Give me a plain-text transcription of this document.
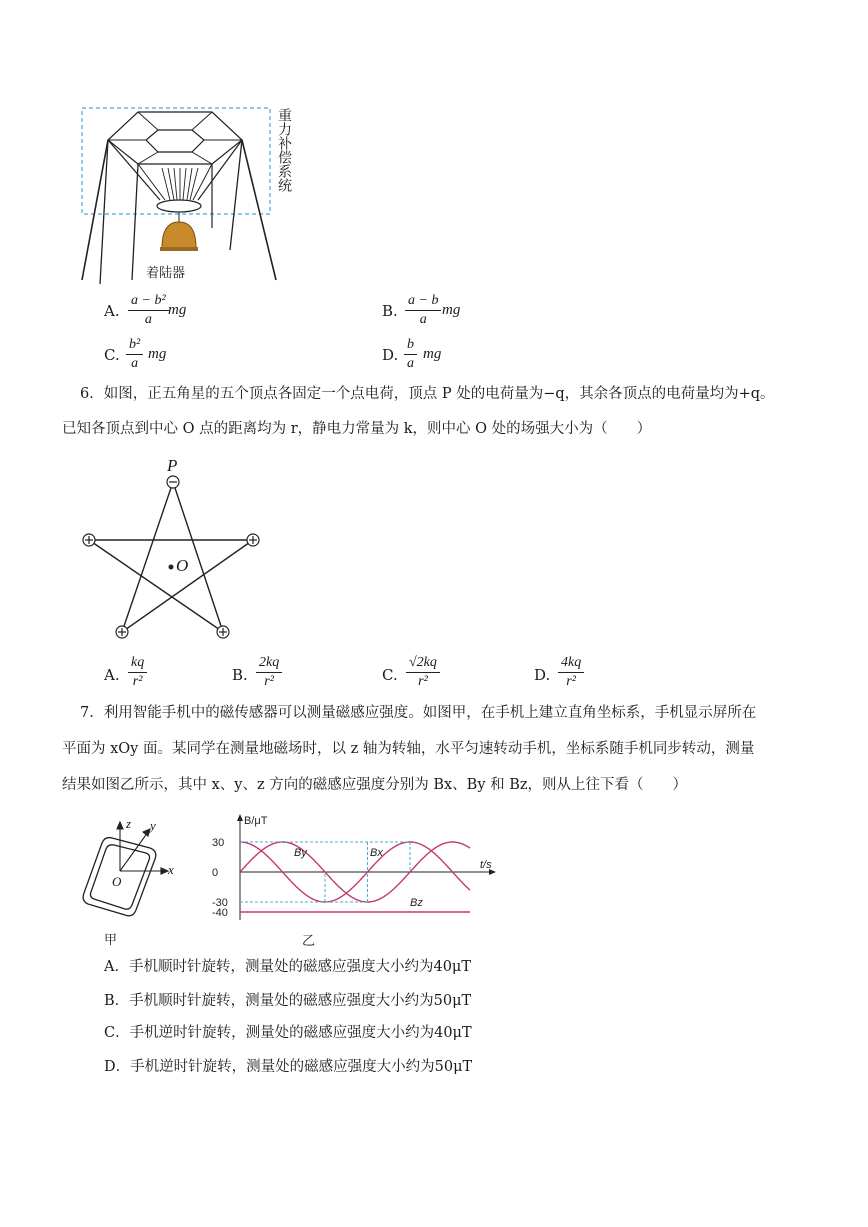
重力补偿系统
着陆器
A. $\frac{\text{a − b²}}{a}$ mg	B. $\frac{a - b}{a}$ mg
C. $\frac{\text{b²}}{a}$ mg	D. $\frac{b}{a}$ mg
6．如图，正五角星的五个顶点各固定一个点电荷，顶点 P 处的电荷量为−q，其余各顶点的电荷量均为+q。
已知各顶点到中心 O 点的距离均为 r，静电力常量为 k，则中心 O 处的场强大小为（　　）
P
O
A. $\frac{kq}{\text{r²}}$	B. $\frac{2kq}{\text{r²}}$	C. $\frac{√2kq}{\text{r²}}$	D. $\frac{4kq}{\text{r²}}$
7．利用智能手机中的磁传感器可以测量磁感应强度。如图甲，在手机上建立直角坐标系，手机显示屏所在
平面为 xOy 面。某同学在测量地磁场时，以 z 轴为转轴，水平匀速转动手机，坐标系随手机同步转动，测量
结果如图乙所示，其中 x、y、z 方向的磁感应强度分别为 Bx、By 和 Bz，则从上往下看（　　）
z y
x
O
甲
B/μT
t/s
30
0
-30
-40
By	Bx
Bz
乙
A．手机顺时针旋转，测量处的磁感应强度大小约为40μT
B．手机顺时针旋转，测量处的磁感应强度大小约为50μT
C．手机逆时针旋转，测量处的磁感应强度大小约为40μT
D．手机逆时针旋转，测量处的磁感应强度大小约为50μT
